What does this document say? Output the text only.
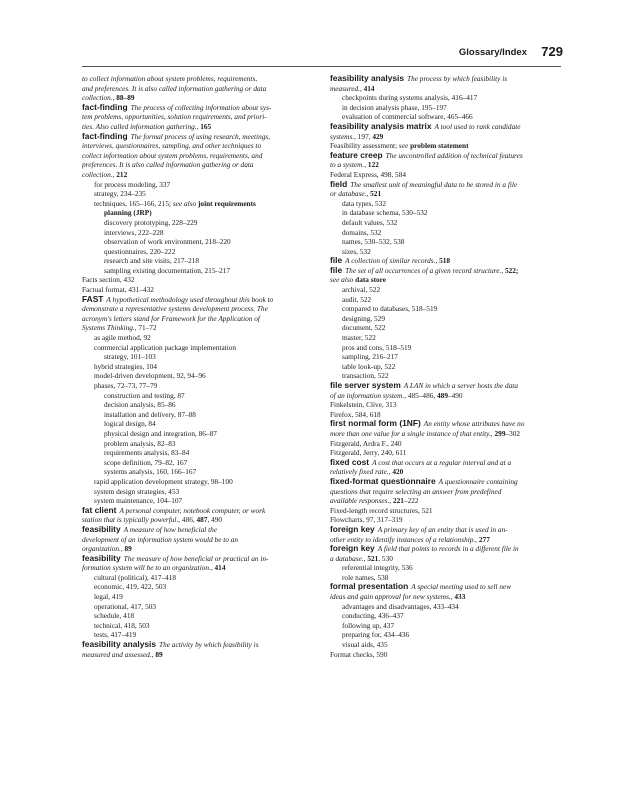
Glossary/Index 729
to collect information about system problems, requirements,
and preferences. It is also called information gathering or data
collection., 88–89
fact-finding The process of collecting information about sys-
tem problems, opportunities, solution requirements, and priori-
ties. Also called information gathering., 165
fact-finding The formal process of using research, meetings,
interviews, questionnaires, sampling, and other techniques to
collect information about system problems, requirements, and
preferences. It is also called information gathering or data
collection., 212
for process modeling, 337
strategy, 234–235
techniques, 165–166, 215; see also joint requirements
planning (JRP)
discovery prototyping, 228–229
interviews, 222–228
observation of work environment, 218–220
questionnaires, 220–222
research and site visits, 217–218
sampling existing documentation, 215–217
Facts section, 432
Factual format, 431–432
FAST A hypothetical methodology used throughout this book to
demonstrate a representative systems development process. The
acronym's letters stand for Framework for the Application of
Systems Thinking., 71–72
as agile method, 92
commercial application package implementation
strategy, 101–103
hybrid strategies, 104
model-driven development, 92, 94–96
phases, 72–73, 77–79
construction and testing, 87
decision analysis, 85–86
installation and delivery, 87–88
logical design, 84
physical design and integration, 86–87
problem analysis, 82–83
requirements analysis, 83–84
scope definition, 79–82, 167
systems analysis, 160, 166–167
rapid application development strategy, 98–100
system design strategies, 453
system maintenance, 104–107
fat client A personal computer, notebook computer, or work
station that is typically powerful., 486, 487, 490
feasibility A measure of how beneficial the
development of an information system would be to an
organization., 89
feasibility The measure of how beneficial or practical an in-
formation system will be to an organization., 414
cultural (political), 417–418
economic, 419, 422, 503
legal, 419
operational, 417, 503
schedule, 418
technical, 418, 503
tests, 417–419
feasibility analysis The activity by which feasibility is
measured and assessed., 89
feasibility analysis The process by which feasibility is
measured., 414
checkpoints during systems analysis, 416–417
in decision analysis phase, 195–197
evaluation of commercial software, 465–466
feasibility analysis matrix A tool used to rank candidate
systems., 197, 429
Feasibility assessment; see problem statement
feature creep The uncontrolled addition of technical features
to a system., 122
Federal Express, 498, 584
field The smallest unit of meaningful data to be stored in a file
or database., 521
data types, 532
in database schema, 530–532
default values, 532
domains, 532
names, 530–532, 538
sizes, 532
file A collection of similar records., 518
file The set of all occurrences of a given record structure., 522;
see also data store
archival, 522
audit, 522
compared to databases, 518–519
designing, 529
document, 522
master, 522
pros and cons, 518–519
sampling, 216–217
table look-up, 522
transaction, 522
file server system A LAN in which a server hosts the data
of an information system., 485–486, 489–490
Finkelstein, Clive, 313
Firefox, 584, 618
first normal form (1NF) An entity whose attributes have no
more than one value for a single instance of that entity., 299–302
Fitzgerald, Ardra F., 240
Fitzgerald, Jerry, 240, 611
fixed cost A cost that occurs at a regular interval and at a
relatively fixed rate., 420
fixed-format questionnaire A questionnaire containing
questions that require selecting an answer from predefined
available responses., 221–222
Fixed-length record structures, 521
Flowcharts, 97, 317–319
foreign key A primary key of an entity that is used in an-
other entity to identify instances of a relationship., 277
foreign key A field that points to records in a different file in
a database., 521, 530
referential integrity, 536
role names, 538
formal presentation A special meeting used to sell new
ideas and gain approval for new systems., 433
advantages and disadvantages, 433–434
conducting, 436–437
following up, 437
preparing for, 434–436
visual aids, 435
Format checks, 590
